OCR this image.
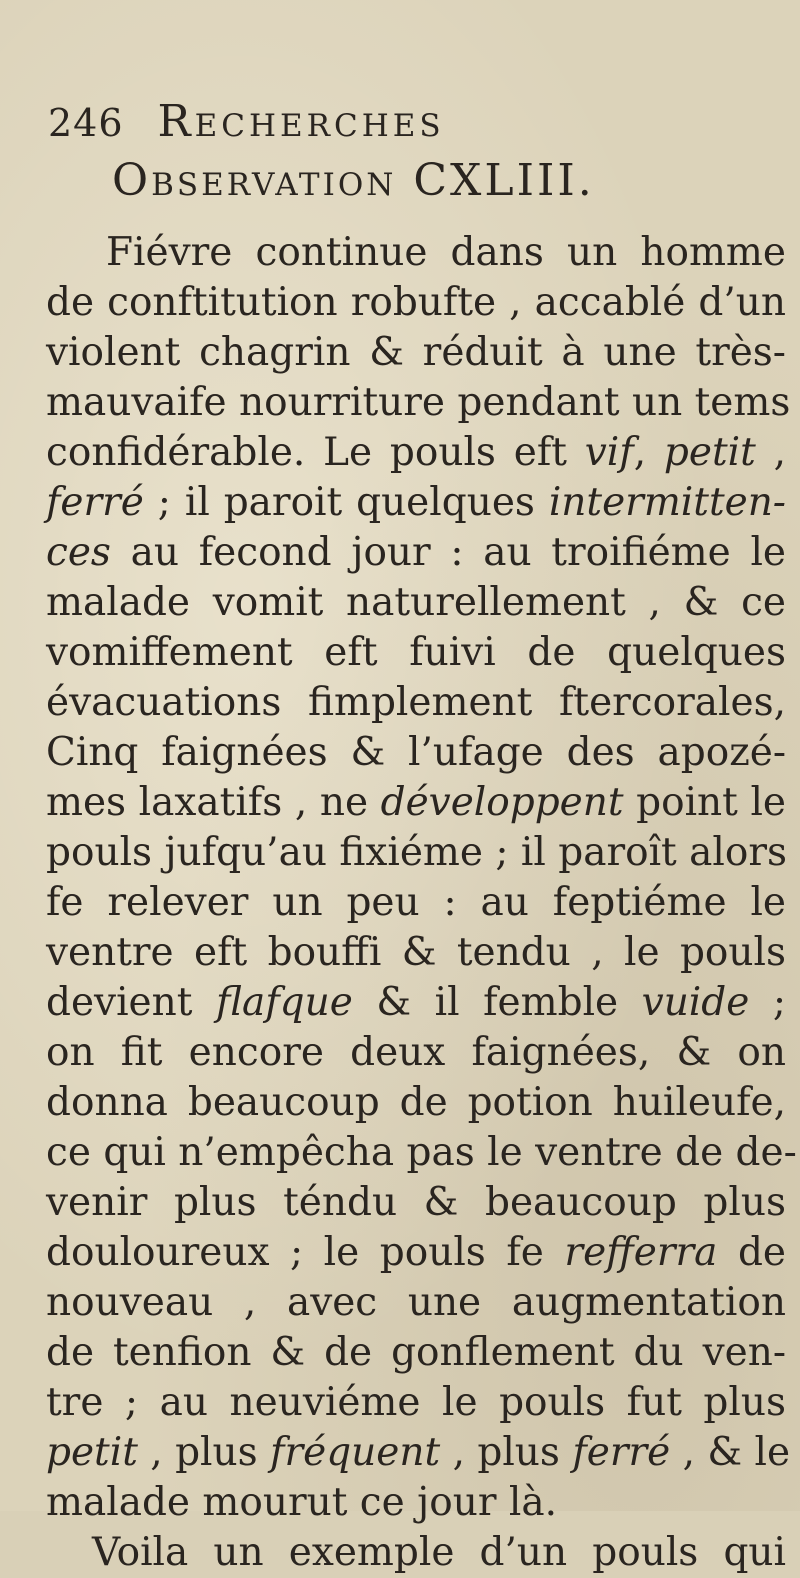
246 Recherches
Observation CXLIII.
Fiévre continue dans un homme
de conftitution robufte , accablé d’un
violent chagrin & réduit à une très-
mauvaife nourriture pendant un tems
confidérable. Le pouls eft vif, petit ,
ferré ; il paroit quelques intermitten-
ces au fecond jour : au troifiéme le
malade vomit naturellement , & ce
vomiffement eft fuivi de quelques
évacuations fimplement ftercorales,
Cinq faignées & l’ufage des apozé-
mes laxatifs , ne développent point le
pouls jufqu’au fixiéme ; il paroît alors
fe relever un peu : au feptiéme le
ventre eft bouffi & tendu , le pouls
devient flafque & il femble vuide ;
on fit encore deux faignées, & on
donna beaucoup de potion huileufe,
ce qui n’empêcha pas le ventre de de-
venir plus téndu & beaucoup plus
douloureux ; le pouls fe refferra de
nouveau , avec une augmentation
de tenfion & de gonflement du ven-
tre ; au neuviéme le pouls fut plus
petit , plus fréquent , plus ferré , & le
malade mourut ce jour là.
Voila un exemple d’un pouls qui
